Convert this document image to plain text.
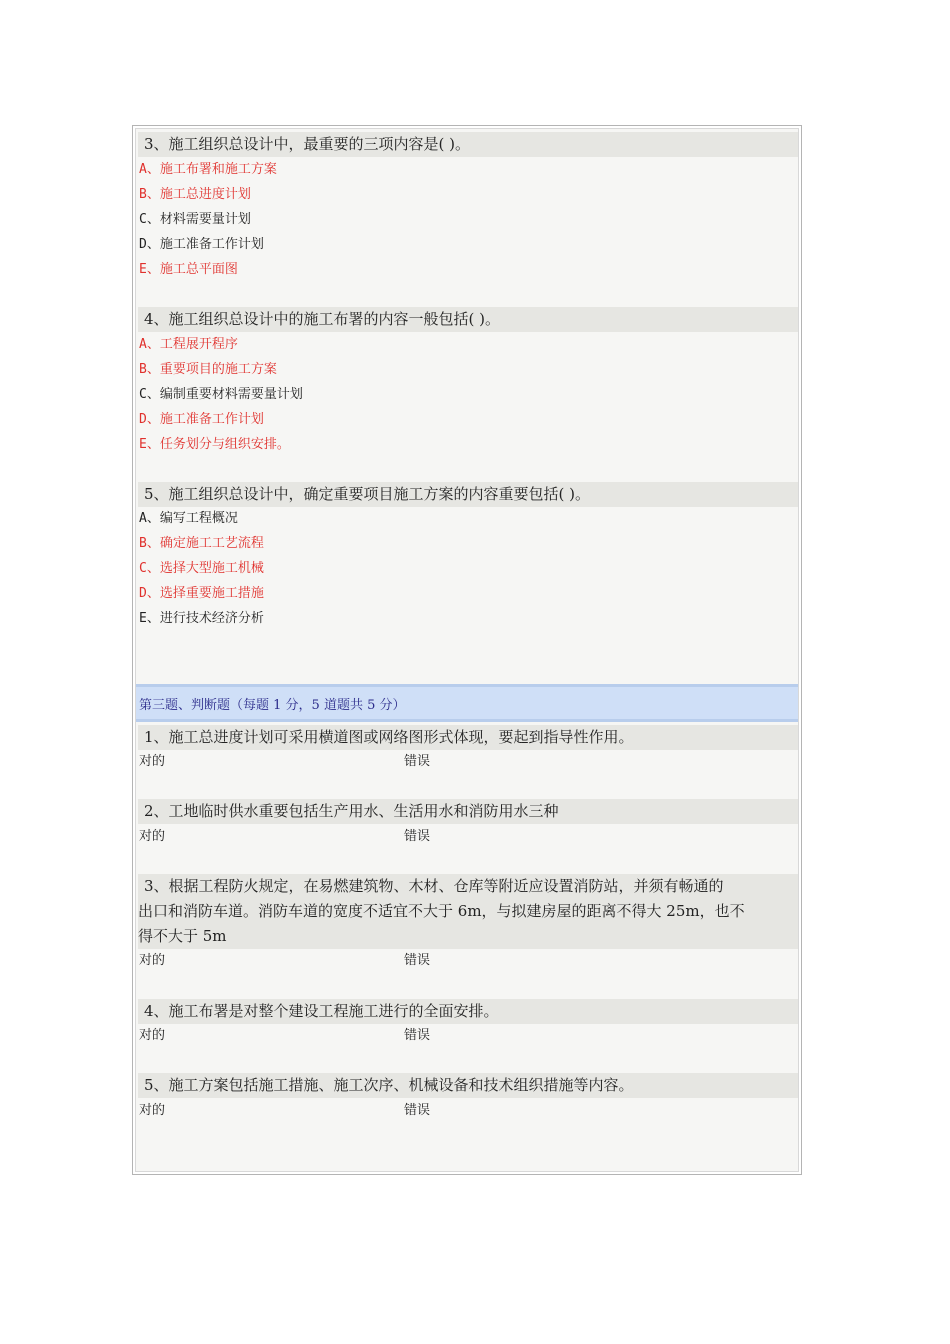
3、施工组织总设计中，最重要的三项内容是( )。
A、施工布署和施工方案
B、施工总进度计划
C、材料需要量计划
D、施工准备工作计划
E、施工总平面图
4、施工组织总设计中的施工布署的内容一般包括( )。
A、工程展开程序
B、重要项目的施工方案
C、编制重要材料需要量计划
D、施工准备工作计划
E、任务划分与组织安排。
5、施工组织总设计中，确定重要项目施工方案的内容重要包括( )。
A、编写工程概况
B、确定施工工艺流程
C、选择大型施工机械
D、选择重要施工措施
E、进行技术经济分析
第三题、判断题（每题 1 分，5 道题共 5 分）
1、施工总进度计划可采用横道图或网络图形式体现，要起到指导性作用。
对的	错误
2、工地临时供水重要包括生产用水、生活用水和消防用水三种
对的	错误
3、根据工程防火规定，在易燃建筑物、木材、仓库等附近应设置消防站，并须有畅通的
出口和消防车道。消防车道的宽度不适宜不大于 6m，与拟建房屋的距离不得大 25m，也不
得不大于 5m
对的	错误
4、施工布署是对整个建设工程施工进行的全面安排。
对的	错误
5、施工方案包括施工措施、施工次序、机械设备和技术组织措施等内容。
对的	错误
